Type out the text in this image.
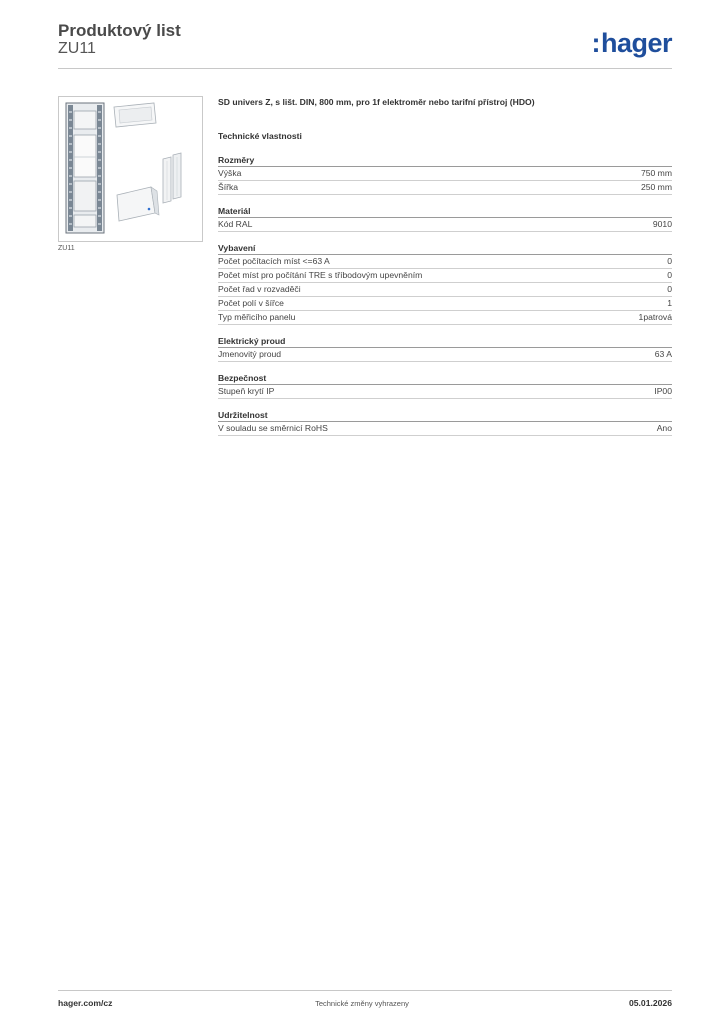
Produktový list
ZU11	:hager
ZU11
SD univers Z, s lišt. DIN, 800 mm, pro 1f elektroměr nebo tarifní přístroj (HDO)
Technické vlastnosti
Rozměry
Výška	750 mm
Šířka	250 mm
Materiál
Kód RAL	9010
Vybavení
Počet počítacích míst <=63 A	0
Počet míst pro počítání TRE s tříbodovým upevněním	0
Počet řad v rozvaděči	0
Počet polí v šířce	1
Typ měřicího panelu	1patrová
Elektrický proud
Jmenovitý proud	63 A
Bezpečnost
Stupeň krytí IP	IP00
Udržitelnost
V souladu se směrnicí RoHS	Ano
hager.com/cz	Technické změny vyhrazeny	05.01.2026
